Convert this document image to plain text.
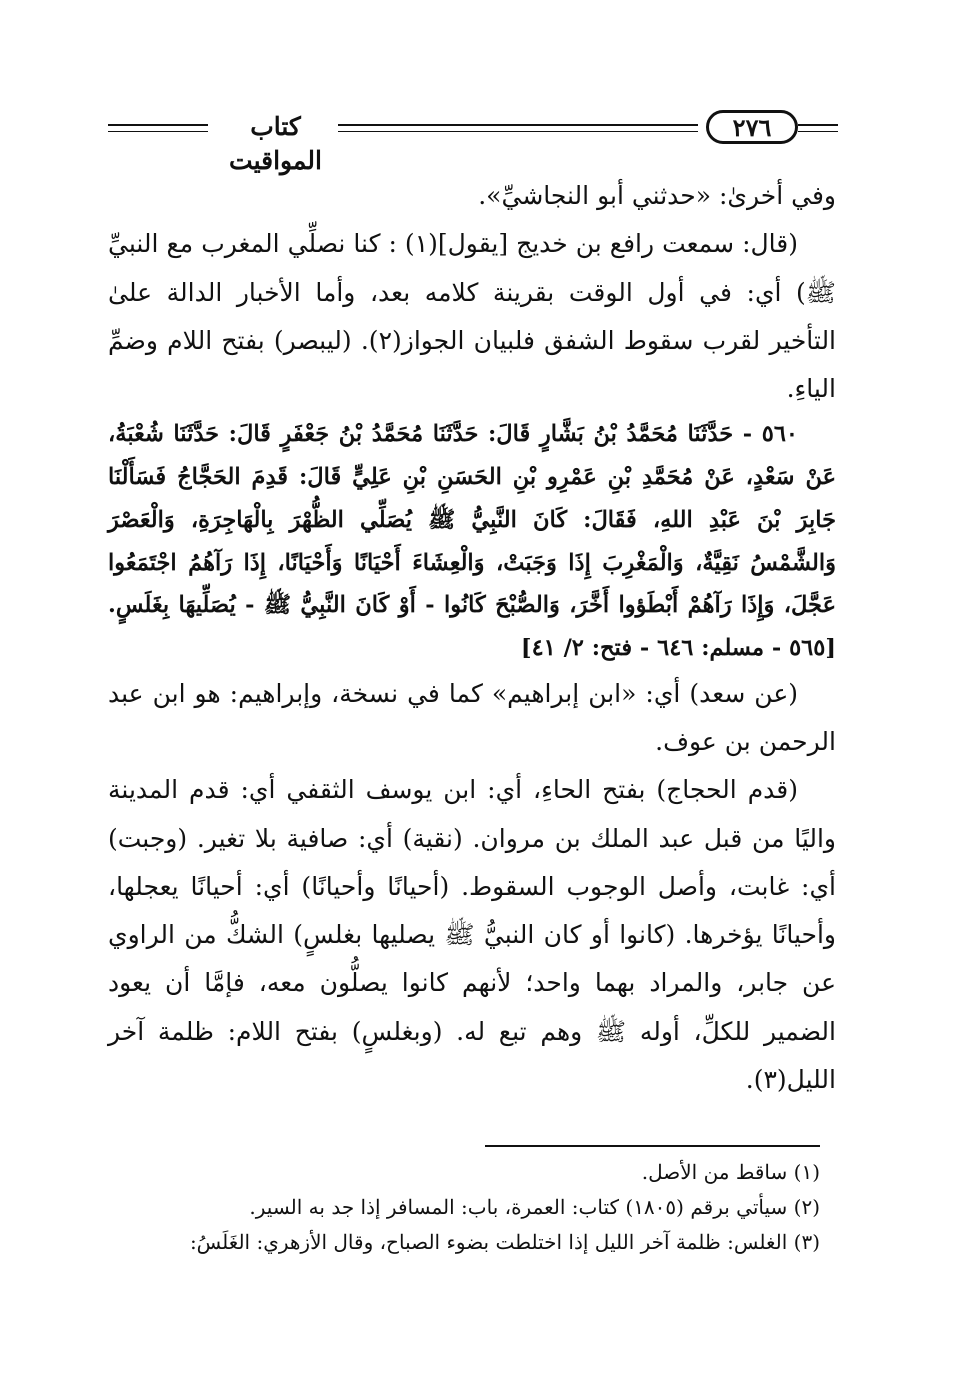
كتاب المواقيت
٢٧٦

وفي أخرىٰ: «حدثني أبو النجاشيِّ».

(قال: سمعت رافع بن خديج [يقول](١) : كنا نصلِّي المغرب مع النبيِّ ﷺ) أي: في أول الوقت بقرينة كلامه بعد، وأما الأخبار الدالة علىٰ التأخير لقرب سقوط الشفق فلبيان الجواز(٢). (ليبصر) بفتح اللام وضمِّ الياءِ.

٥٦٠ - حَدَّثَنَا مُحَمَّدُ بْنُ بَشَّارٍ قَالَ: حَدَّثَنَا مُحَمَّدُ بْنُ جَعْفَرٍ قَالَ: حَدَّثَنَا شُعْبَةُ، عَنْ سَعْدٍ، عَنْ مُحَمَّدِ بْنِ عَمْرِو بْنِ الحَسَنِ بْنِ عَلِيٍّ قَالَ: قَدِمَ الحَجَّاجُ فَسَأَلْنَا جَابِرَ بْنَ عَبْدِ اللهِ، فَقَالَ: كَانَ النَّبِيُّ ﷺ يُصَلِّي الظُّهْرَ بِالْهَاجِرَةِ، وَالْعَصْرَ وَالشَّمْسُ نَقِيَّةٌ، وَالْمَغْرِبَ إِذَا وَجَبَتْ، وَالْعِشَاءَ أَحْيَانًا وَأَحْيَانًا، إِذَا رَآهُمُ اجْتَمَعُوا عَجَّلَ، وَإِذَا رَآهُمْ أَبْطَؤوا أَخَّرَ، وَالصُّبْحَ كَانُوا - أَوْ كَانَ النَّبِيُّ ﷺ - يُصَلِّيهَا بِغَلَسٍ. [٥٦٥ - مسلم: ٦٤٦ - فتح: ٢/ ٤١]

(عن سعد) أي: «ابن إبراهيم» كما في نسخة، وإبراهيم: هو ابن عبد الرحمن بن عوف.

(قدم الحجاج) بفتح الحاءِ، أي: ابن يوسف الثقفي أي: قدم المدينة واليًا من قبل عبد الملك بن مروان. (نقية) أي: صافية بلا تغير. (وجبت) أي: غابت، وأصل الوجوب السقوط. (أحيانًا وأحيانًا) أي: أحيانًا يعجلها، وأحيانًا يؤخرها. (كانوا أو كان النبيُّ ﷺ يصليها بغلسٍ) الشكُّ من الراوي عن جابر، والمراد بهما واحد؛ لأنهم كانوا يصلُّون معه، فإمَّا أن يعود الضمير للكلِّ، أوله ﷺ وهم تبع له. (وبغلسٍ) بفتح اللام: ظلمة آخر الليل(٣).

(١) ساقط من الأصل.

(٢) سيأتي برقم (١٨٠٥) كتاب: العمرة، باب: المسافر إذا جد به السير.

(٣) الغلس: ظلمة آخر الليل إذا اختلطت بضوء الصباح، وقال الأزهري: الغَلَسُ:
